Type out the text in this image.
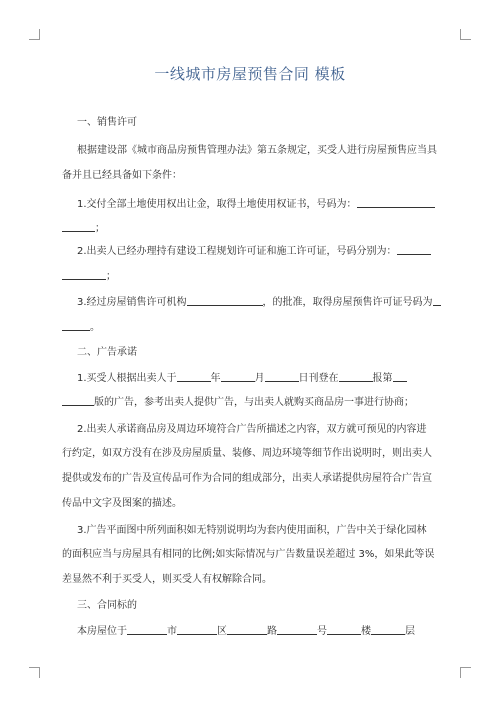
一线城市房屋预售合同 模板
一、销售许可
根据建设部《城市商品房预售管理办法》第五条规定，买受人进行房屋预售应当具
备并且已经具备如下条件：
1.交付全部土地使用权出让金，取得土地使用权证书，号码为：
；
2.出卖人已经办理持有建设工程规划许可证和施工许可证，号码分别为：
；
3.经过房屋销售许可机构	，的批准，取得房屋预售许可证号码为
。
二、广告承诺
1.买受人根据出卖人于	年	月	日刊登在	报第
版的广告，参考出卖人提供广告，与出卖人就购买商品房一事进行协商；
2.出卖人承诺商品房及周边环境符合广告所描述之内容，双方就可预见的内容进
行约定，如双方没有在涉及房屋质量、装修、周边环境等细节作出说明时，则出卖人
提供或发布的广告及宣传品可作为合同的组成部分，出卖人承诺提供房屋符合广告宣
传品中文字及图案的描述。
3.广告平面图中所列面积如无特别说明均为套内使用面积，广告中关于绿化园林
的面积应当与房屋具有相同的比例;如实际情况与广告数量误差超过 3%，如果此等误
差显然不利于买受人，则买受人有权解除合同。
三、合同标的
本房屋位于	市	区	路	号	楼	层
